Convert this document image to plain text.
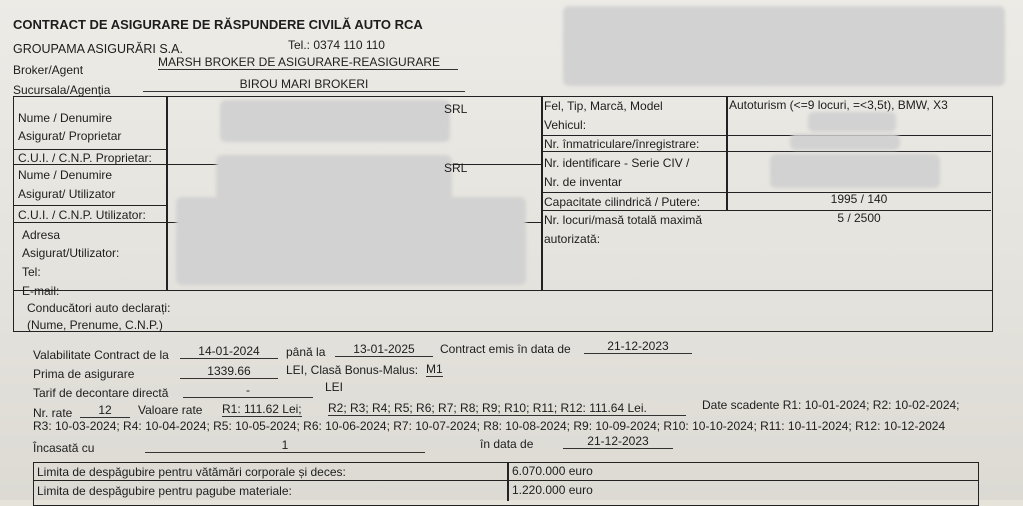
CONTRACT DE ASIGURARE DE RĂSPUNDERE CIVILĂ AUTO RCA
GROUPAMA ASIGURĂRI S.A.	Tel.: 0374 110 110
Broker/Agent
MARSH BROKER DE ASIGURARE-REASIGURARE
Sucursala/Agenția	BIROU MARI BROKERI
Nume / Denumire
Asigurat/ Proprietar
SRL
C.U.I. / C.N.P. Proprietar:
Nume / Denumire
Asigurat/ Utilizator
SRL
C.U.I. / C.N.P. Utilizator:
Adresa
Asigurat/Utilizator:
Tel:
E-mail:
Conducători auto declarați:
(Nume, Prenume, C.N.P.)
Fel, Tip, Marcă, Model
Vehicul:
Autoturism (<=9 locuri, =<3,5t), BMW, X3
Nr. înmatriculare/înregistrare:
Nr. identificare - Serie CIV /
Nr. de inventar
Capacitate cilindrică / Putere:	1995 / 140
Nr. locuri/masă totală maximă
autorizată:
5 / 2500
Valabilitate Contract de la	14-01-2024	până la	13-01-2025	Contract emis în data de	21-12-2023
Prima de asigurare	1339.66	LEI, Clasă Bonus-Malus: M1
Tarif de decontare directă	-	LEI
Nr. rate	12	Valoare rate R1: 111.62 Lei; R2; R3; R4; R5; R6; R7; R8; R9; R10; R11; R12: 111.64 Lei.	Date scadente R1: 10-01-2024; R2: 10-02-2024;
R3: 10-03-2024; R4: 10-04-2024; R5: 10-05-2024; R6: 10-06-2024; R7: 10-07-2024; R8: 10-08-2024; R9: 10-09-2024; R10: 10-10-2024; R11: 10-11-2024; R12: 10-12-2024
Încasată cu	1	în data de	21-12-2023
Limita de despăgubire pentru vătămări corporale și deces:	6.070.000 euro
Limita de despăgubire pentru pagube materiale:	1.220.000 euro
